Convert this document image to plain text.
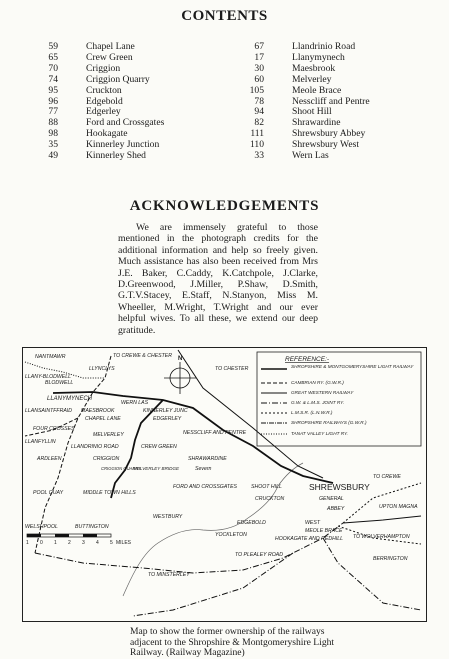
CONTENTS
59	Chapel Lane
65	Crew Green
70	Criggion
74	Criggion Quarry
95	Cruckton
96	Edgebold
77	Edgerley
88	Ford and Crossgates
98	Hookagate
35	Kinnerley Junction
49	Kinnerley Shed
67	Llandrinio Road
17	Llanymynech
30	Maesbrook
60	Melverley
105	Meole Brace
78	Nesscliff and Pentre
94	Shoot Hill
82	Shrawardine
111	Shrewsbury Abbey
110	Shrewsbury West
33	Wern Las
ACKNOWLEDGEMENTS
We are immensely grateful to those mentioned in the photograph credits for the additional information and help so freely given. Much assistance has also been received from Mrs J.E. Baker, C.Caddy, K.Catchpole, J.Clarke, D.Greenwood, J.Miller, P.Shaw, D.Smith, G.T.V.Stacey, E.Staff, N.Stanyon, Miss M. Wheeller, M.Wright, T.Wright and our ever helpful wives. To all these, we extend our deep gratitude.
REFERENCE:-
SHROPSHIRE & MONTGOMERYSHIRE LIGHT RAILWAY
CAMBRIAN RY. (G.W.R.)
GREAT WESTERN RAILWAY
G.W. & L.M.S. JOINT RY.
L.M.S.R. (L.N.W.R.)
SHROPSHIRE RAILWAYS (G.W.R.)
TANAT VALLEY LIGHT RY.
N
NANTMAWR	TO CREWE & CHESTER
TO CHESTER
LLYNCLYS
LLANY-BLODWELL
BLODWELL
LLANYMYNECH
WERN LAS
LLANSAINTFFRAID MAESBROOK	KINNERLEY JUNC
CHAPEL LANE	EDGERLEY
FOUR CROSSES
LLANFYLLIN
MELVERLEY	NESSCLIFF AND PENTRE
LLANDRINIO ROAD	CREW GREEN
ARDLEEN	CRIGGION
CRIGGION QUARRY
SHRAWARDINE
MELVERLEY BRIDGE	Severn
SHREWSBURY
TO CREWE
POOL QUAY	MIDDLE TOWN HILLS
FORD AND CROSSGATES	SHOOT HILL
CRUCKTON	GENERAL
ABBEY	UPTON MAGNA
WESTBURY
EDGEBOLD	WEST
MEOLE BRACE
TO WOLVERHAMPTON
WELSHPOOL	BUTTINGTON
YOCKLETON
HOOKAGATE AND REDHILL
BERRINGTON
TO MINSTERLEY
TO PLEALEY ROAD
1 0 1 2 3 4 5 MILES
Map to show the former ownership of the railways adjacent to the Shropshire & Montgomeryshire Light Railway. (Railway Magazine)
